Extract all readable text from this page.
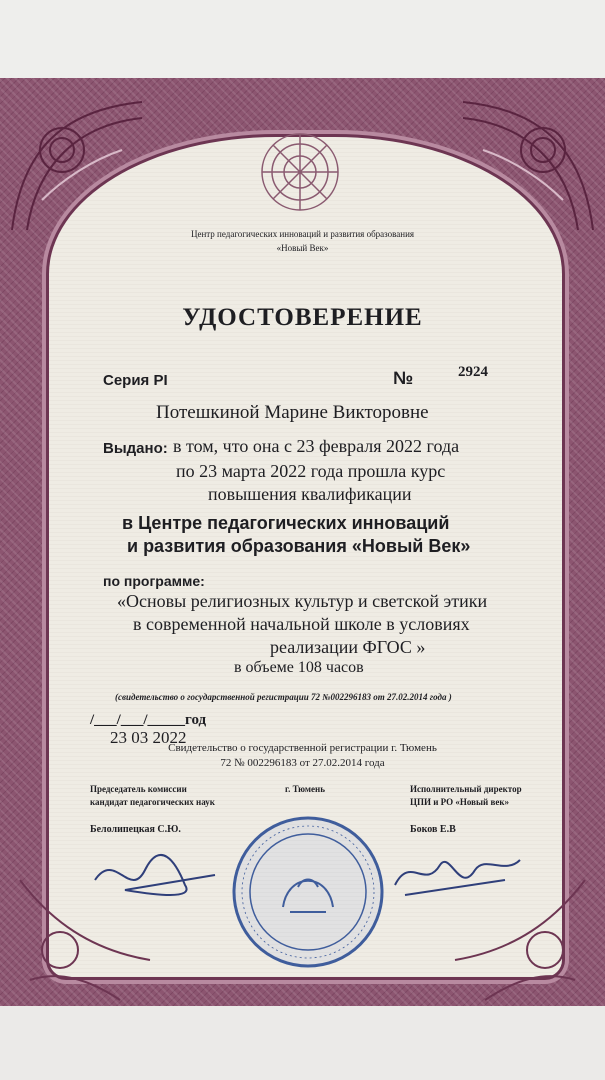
Центр педагогических инноваций и развития образования
«Новый Век»
УДОСТОВЕРЕНИЕ
Серия PI	№	2924
Потешкиной Марине Викторовне
Выдано: в том, что она с 23 февраля 2022 года
по 23 марта 2022 года прошла курс
повышения квалификации
в Центре педагогических инноваций
и развития образования «Новый Век»
по программе:
«Основы религиозных культур и светской этики
в современной начальной школе в условиях
реализации ФГОС »
в объеме 108 часов
(свидетельство о государственной регистрации 72 №002296183 от 27.02.2014 года )
/___/___/_____год
23 03 2022
Свидетельство о государственной регистрации г. Тюмень
72 № 002296183 от 27.02.2014 года
Председатель комиссии
кандидат педагогических наук
г. Тюмень	Исполнительный директор
ЦПИ и РО «Новый век»
Белолипецкая С.Ю.	Боков Е.В
